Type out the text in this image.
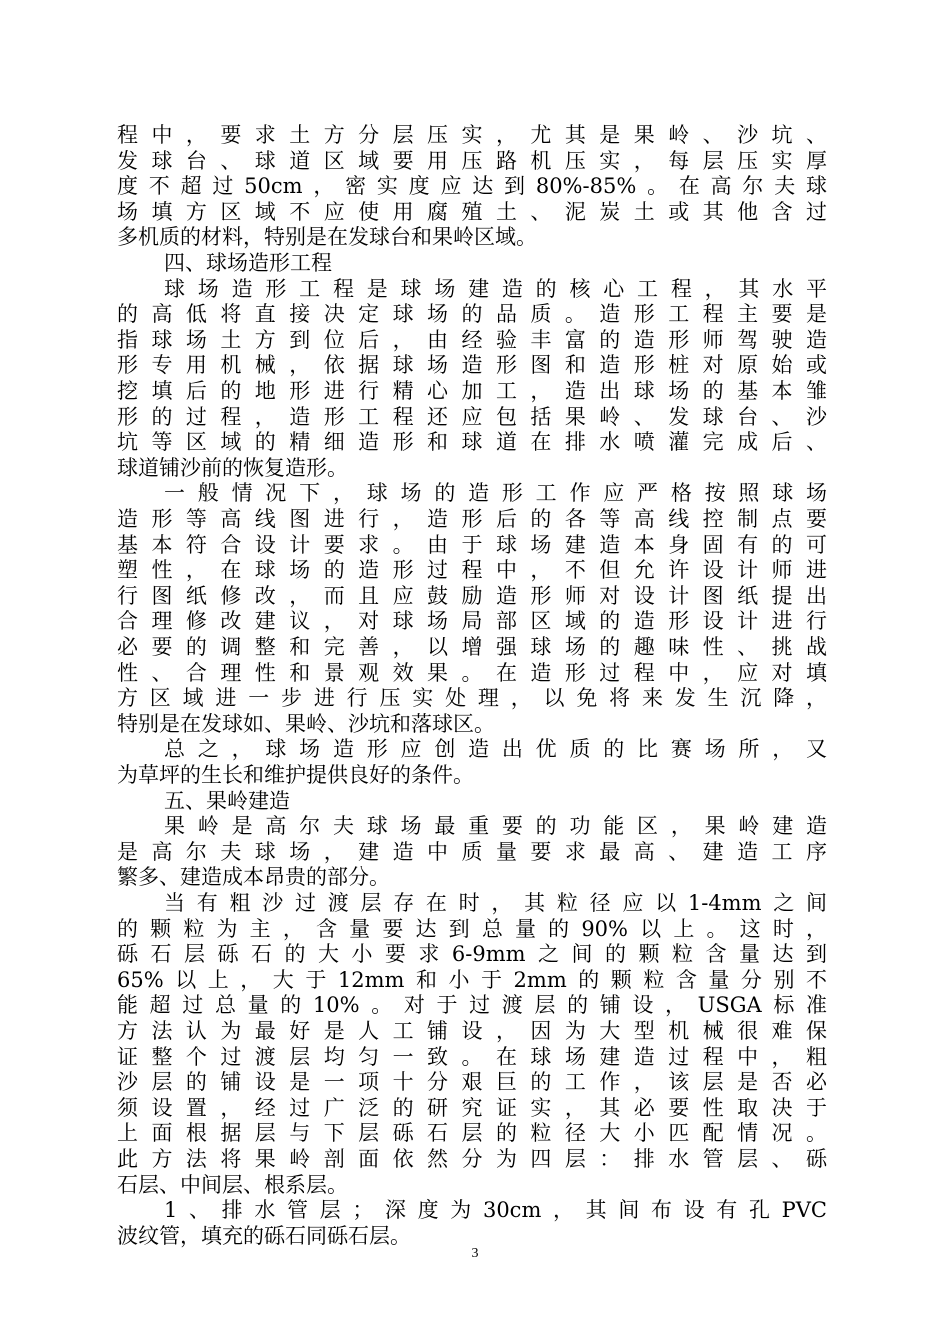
程中，要求土方分层压实，尤其是果岭、沙坑、
发球台、球道区域要用压路机压实，每层压实厚
度不超过50cm，密实度应达到80%-85%。在高尔夫球
场填方区域不应使用腐殖土、泥炭土或其他含过
多机质的材料，特别是在发球台和果岭区域。
四、球场造形工程
球场造形工程是球场建造的核心工程，其水平
的高低将直接决定球场的品质。造形工程主要是
指球场土方到位后，由经验丰富的造形师驾驶造
形专用机械，依据球场造形图和造形桩对原始或
挖填后的地形进行精心加工，造出球场的基本雏
形的过程，造形工程还应包括果岭、发球台、沙
坑等区域的精细造形和球道在排水喷灌完成后、
球道铺沙前的恢复造形。
一般情况下，球场的造形工作应严格按照球场
造形等高线图进行，造形后的各等高线控制点要
基本符合设计要求。由于球场建造本身固有的可
塑性，在球场的造形过程中，不但允许设计师进
行图纸修改，而且应鼓励造形师对设计图纸提出
合理修改建议，对球场局部区域的造形设计进行
必要的调整和完善，以增强球场的趣味性、挑战
性、合理性和景观效果。在造形过程中，应对填
方区域进一步进行压实处理，以免将来发生沉降，
特别是在发球如、果岭、沙坑和落球区。
总之，球场造形应创造出优质的比赛场所，又
为草坪的生长和维护提供良好的条件。
五、果岭建造
果岭是高尔夫球场最重要的功能区，果岭建造
是高尔夫球场，建造中质量要求最高、建造工序
繁多、建造成本昂贵的部分。
当有粗沙过渡层存在时，其粒径应以1-4mm之间
的颗粒为主，含量要达到总量的90%以上。这时，
砾石层砾石的大小要求6-9mm之间的颗粒含量达到
65%以上，大于12mm和小于2mm的颗粒含量分别不
能超过总量的10%。对于过渡层的铺设，USGA标准
方法认为最好是人工铺设，因为大型机械很难保
证整个过渡层均匀一致。在球场建造过程中，粗
沙层的铺设是一项十分艰巨的工作，该层是否必
须设置，经过广泛的研究证实，其必要性取决于
上面根据层与下层砾石层的粒径大小匹配情况。
此方法将果岭剖面依然分为四层：排水管层、砾
石层、中间层、根系层。
1、排水管层；深度为30cm，其间布设有孔PVC
波纹管，填充的砾石同砾石层。
3
